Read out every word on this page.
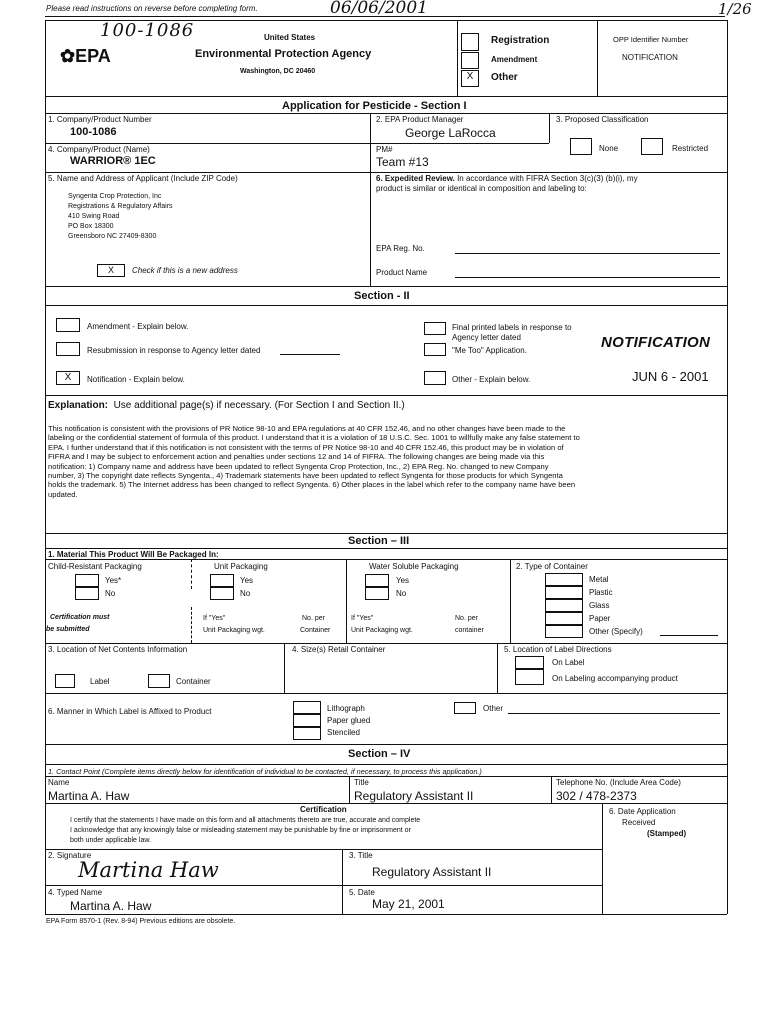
Please read instructions on reverse before completing form.	06/06/2001	1/26
100-1086
✿EPA
United States
Environmental Protection Agency
Washington, DC 20460	X
Registration
Amendment
Other
OPP Identifier Number
NOTIFICATION
Application for Pesticide - Section I
1. Company/Product Number
100-1086
2. EPA Product Manager
George LaRocca
3. Proposed Classification
None	Restricted
4. Company/Product (Name)
WARRIOR® 1EC
PM#
Team #13
5. Name and Address of Applicant (Include ZIP Code)
Syngenta Crop Protection, Inc
Registrations & Regulatory Affairs
410 Swing Road
PO Box 18300
Greensboro NC 27409-8300
X	Check if this is a new address
6. Expedited Review. In accordance with FIFRA Section 3(c)(3) (b)(i), my
product is similar or identical in composition and labeling to:
EPA Reg. No.
Product Name
Section - II
Amendment - Explain below.
Resubmission in response to Agency letter dated
X	Notification - Explain below.
Final printed labels in response to
Agency letter dated
"Me Too" Application.
Other - Explain below.
NOTIFICATION
JUN 6 - 2001
Explanation: Use additional page(s) if necessary. (For Section I and Section II.)
This notification is consistent with the provisions of PR Notice 98-10 and EPA regulations at 40 CFR 152.46, and no other changes have been made to the
labeling or the confidential statement of formula of this product. I understand that it is a violation of 18 U.S.C. Sec. 1001 to willfully make any false statement to
EPA. I further understand that if this notification is not consistent with the terms of PR Notice 98-10 and 40 CFR 152.46, this product may be in violation of
FIFRA and I may be subject to enforcement action and penalties under sections 12 and 14 of FIFRA. The following changes are being made via this
notification: 1) Company name and address have been updated to reflect Syngenta Crop Protection, Inc., 2) EPA Reg. No. changed to new Company
number, 3) The copyright date reflects Syngenta., 4) Trademark statements have been updated to reflect Syngenta for those products for which Syngenta
holds the trademark. 5) The Internet address has been changed to reflect Syngenta. 6) Other places in the label which refer to the company name have been
updated.
Section – III
1. Material This Product Will Be Packaged In:
Child-Resistant Packaging
Yes*
No
Certification must
be submitted
Unit Packaging
Yes
No
If "Yes"
Unit Packaging wgt.
No. per
Container
Water Soluble Packaging
Yes
No
If "Yes"
Unit Packaging wgt.
No. per
container
2. Type of Container
Metal
Plastic
Glass
Paper
Other (Specify)
3. Location of Net Contents Information
Label	Container
4. Size(s) Retail Container	5. Location of Label Directions
On Label
On Labeling accompanying product
6. Manner in Which Label is Affixed to Product	Lithograph
Paper glued
Stenciled
Other
Section – IV
1. Contact Point (Complete items directly below for identification of individual to be contacted, if necessary, to process this application.)
Name
Martina A. Haw
Title
Regulatory Assistant II
Telephone No. (Include Area Code)
302 / 478-2373
Certification
I certify that the statements I have made on this form and all attachments thereto are true, accurate and complete
I acknowledge that any knowingly false or misleading statement may be punishable by fine or imprisonment or
both under applicable law.
6. Date Application
Received
(Stamped)
2. Signature
Martina Haw
3. Title
Regulatory Assistant II
4. Typed Name
Martina A. Haw
5. Date
May 21, 2001
EPA Form 8570-1 (Rev. 8-94) Previous editions are obsolete.
